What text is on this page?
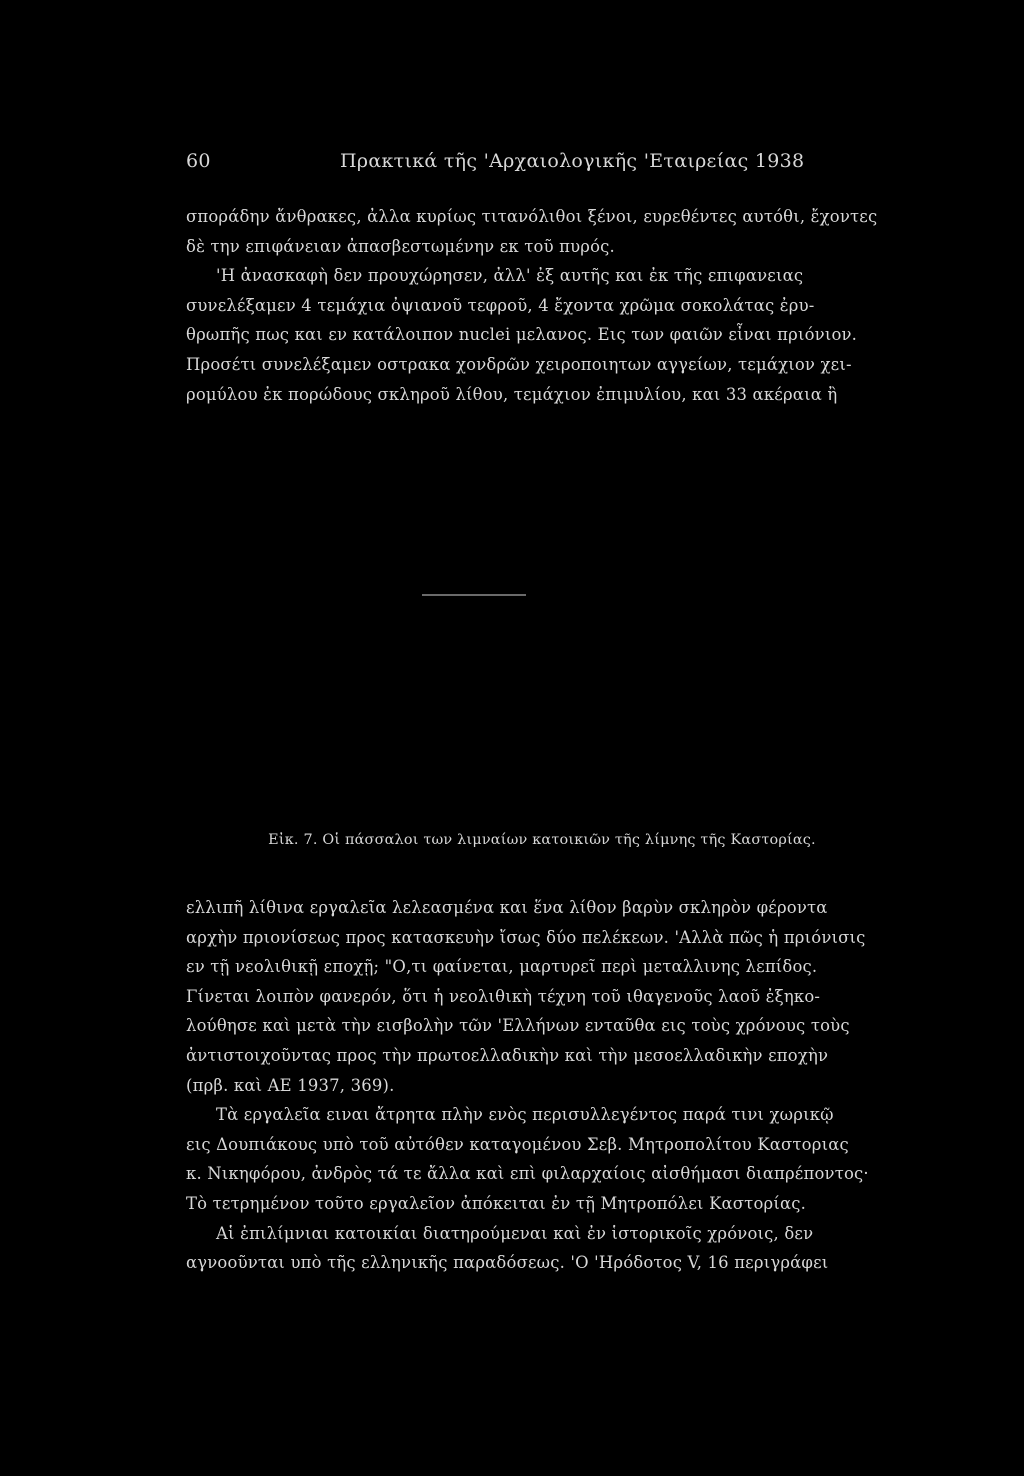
60	Πρακτικά τῆς 'Αρχαιολογικῆς 'Εταιρείας 1938
σποράδην ἄνθρακες, ἀλλα κυρίως τιτανόλιθοι ξένοι, ευρεθέντες αυτόθι, ἔχοντες
δὲ την επιφάνειαν ἀπασβεστωμένην εκ τοῦ πυρός.
'Η ἀνασκαφὴ δεν προυχώρησεν, ἀλλ' ἐξ αυτῆς και ἐκ τῆς επιφανειας
συνελέξαμεν 4 τεμάχια ὀψιανοῦ τεφροῦ, 4 ἔχοντα χρῶμα σοκολάτας ἐρυ-
θρωπῆς πως και εν κατάλοιπον nuclei μελανος. Εις των φαιῶν εἶναι πριόνιον.
Προσέτι συνελέξαμεν οστρακα χονδρῶν χειροποιητων αγγείων, τεμάχιον χει-
ρομύλου ἐκ πορώδους σκληροῦ λίθου, τεμάχιον ἐπιμυλίου, και 33 ακέραια ἢ
Εἰκ. 7. Οἱ πάσσαλοι των λιμναίων κατοικιῶν τῆς λίμνης τῆς Καστορίας.
ελλιπῆ λίθινα εργαλεῖα λελεασμένα και ἕνα λίθον βαρὺν σκληρὸν φέροντα
αρχὴν πριονίσεως προς κατασκευὴν ἴσως δύο πελέκεων. 'Αλλὰ πῶς ἡ πριόνισις
εν τῇ νεολιθικῇ εποχῇ; "Ο,τι φαίνεται, μαρτυρεῖ περὶ μεταλλινης λεπίδος.
Γίνεται λοιπὸν φανερόν, ὅτι ἡ νεολιθικὴ τέχνη τοῦ ιθαγενοῦς λαοῦ ἐξηκο-
λούθησε καὶ μετὰ τὴν εισβολὴν τῶν 'Ελλήνων ενταῦθα εις τοὺς χρόνους τοὺς
ἀντιστοιχοῦντας προς τὴν πρωτοελλαδικὴν καὶ τὴν μεσοελλαδικὴν εποχὴν
(πρβ. καὶ ΑΕ 1937, 369).
Τὰ εργαλεῖα ειναι ἄτρητα πλὴν ενὸς περισυλλεγέντος παρά τινι χωρικῷ
εις Δουπιάκους υπὸ τοῦ αὐτόθεν καταγομένου Σεβ. Μητροπολίτου Καστοριας
κ. Νικηφόρου, ἀνδρὸς τά τε ἄλλα καὶ επὶ φιλαρχαίοις αἰσθήμασι διαπρέποντος·
Τὸ τετρημένον τοῦτο εργαλεῖον ἀπόκειται ἐν τῇ Μητροπόλει Καστορίας.
Αἱ ἐπιλίμνιαι κατοικίαι διατηρούμεναι καὶ ἐν ἱστορικοῖς χρόνοις, δεν
αγνοοῦνται υπὸ τῆς ελληνικῆς παραδόσεως. 'Ο 'Ηρόδοτος V, 16 περιγράφει
